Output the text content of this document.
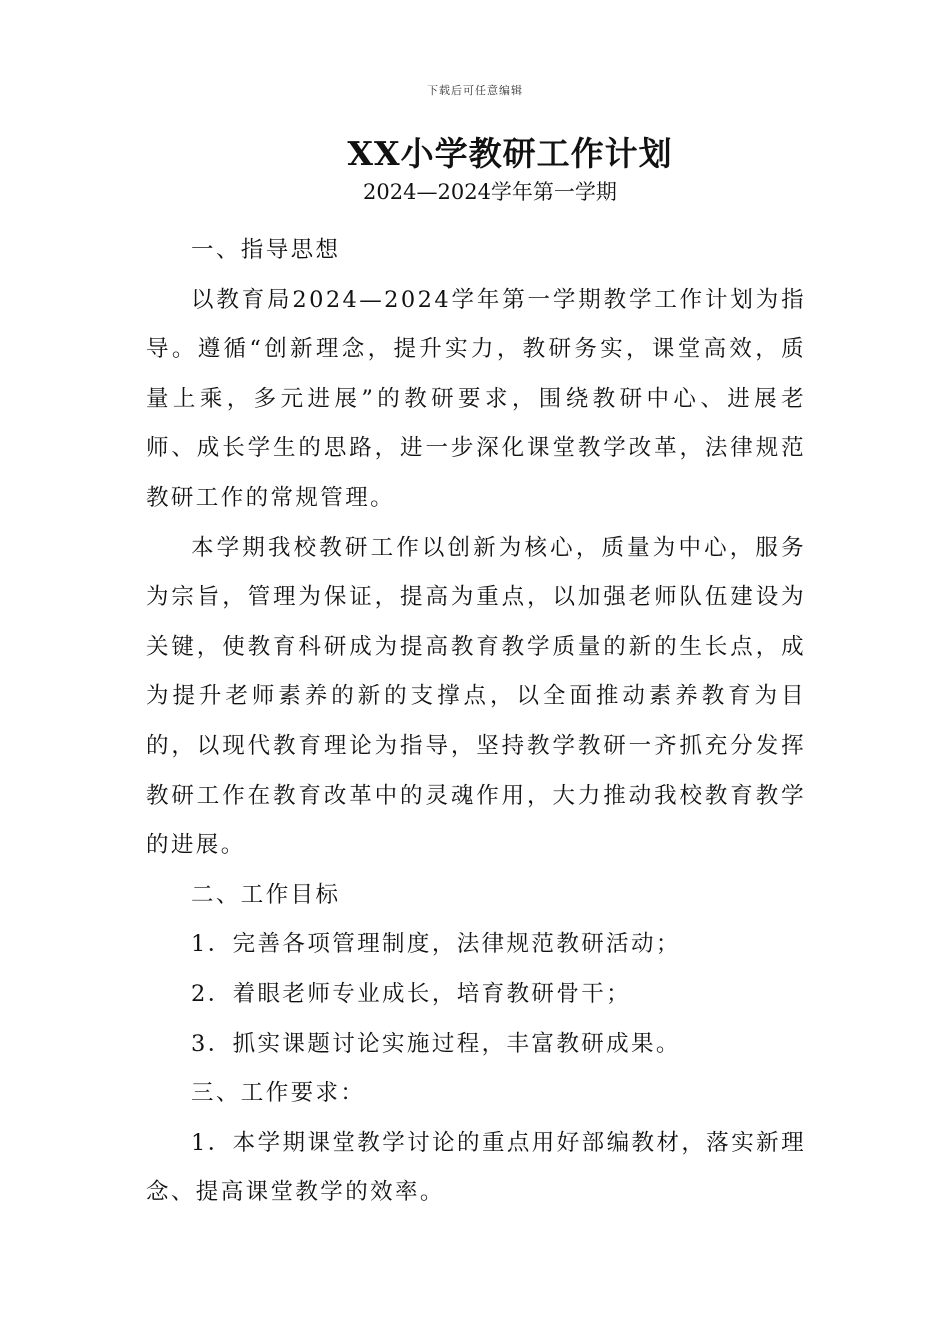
下载后可任意编辑
XX小学教研工作计划
2024—2024学年第一学期

一、指导思想

以教育局2024—2024学年第一学期教学工作计划为指导。遵循“创新理念，提升实力，教研务实，课堂高效，质量上乘，多元进展”的教研要求，围绕教研中心、进展老师、成长学生的思路，进一步深化课堂教学改革，法律规范教研工作的常规管理。

本学期我校教研工作以创新为核心，质量为中心，服务为宗旨，管理为保证，提高为重点，以加强老师队伍建设为关键，使教育科研成为提高教育教学质量的新的生长点，成为提升老师素养的新的支撑点，以全面推动素养教育为目的，以现代教育理论为指导，坚持教学教研一齐抓充分发挥教研工作在教育改革中的灵魂作用，大力推动我校教育教学的进展。

二、工作目标

1．完善各项管理制度，法律规范教研活动；

2．着眼老师专业成长，培育教研骨干；

3．抓实课题讨论实施过程，丰富教研成果。

三、工作要求：

1．本学期课堂教学讨论的重点用好部编教材，落实新理念、提高课堂教学的效率。
